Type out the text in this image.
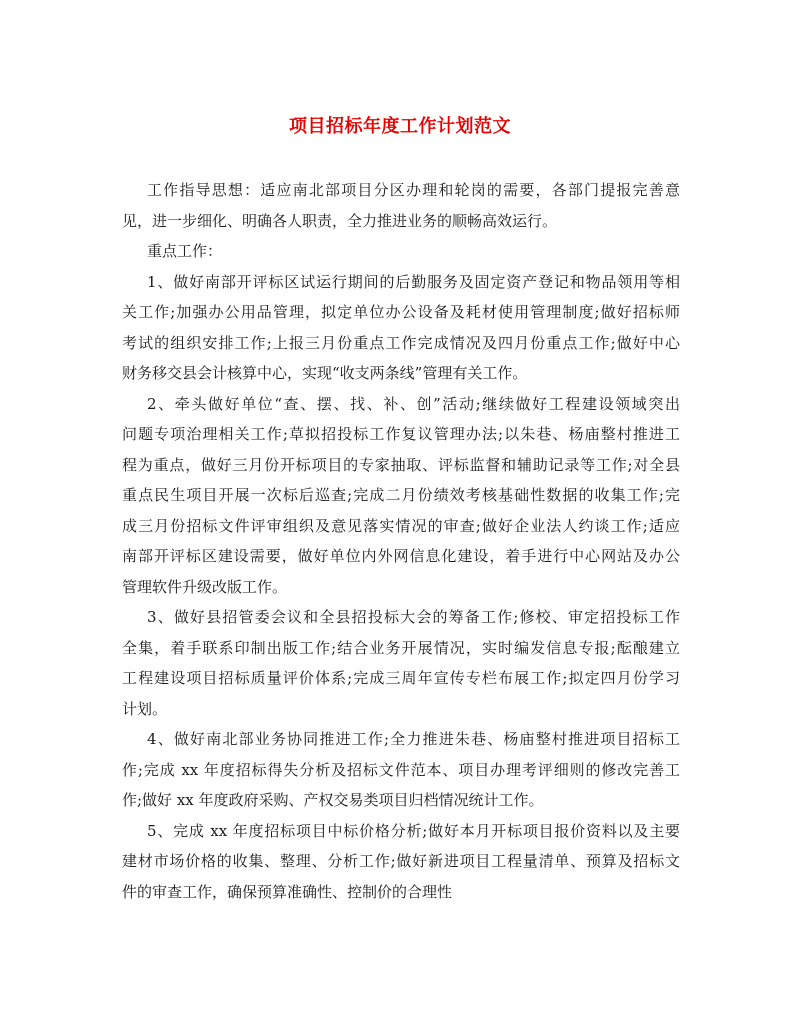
项目招标年度工作计划范文
工作指导思想：适应南北部项目分区办理和轮岗的需要，各部门提报完善意
见，进一步细化、明确各人职责，全力推进业务的顺畅高效运行。
重点工作：
1、做好南部开评标区试运行期间的后勤服务及固定资产登记和物品领用等相
关工作;加强办公用品管理，拟定单位办公设备及耗材使用管理制度;做好招标师
考试的组织安排工作;上报三月份重点工作完成情况及四月份重点工作;做好中心
财务移交县会计核算中心，实现“收支两条线”管理有关工作。
2、牵头做好单位“查、摆、找、补、创”活动;继续做好工程建设领域突出
问题专项治理相关工作;草拟招投标工作复议管理办法;以朱巷、杨庙整村推进工
程为重点，做好三月份开标项目的专家抽取、评标监督和辅助记录等工作;对全县
重点民生项目开展一次标后巡查;完成二月份绩效考核基础性数据的收集工作;完
成三月份招标文件评审组织及意见落实情况的审查;做好企业法人约谈工作;适应
南部开评标区建设需要，做好单位内外网信息化建设，着手进行中心网站及办公
管理软件升级改版工作。
3、做好县招管委会议和全县招投标大会的筹备工作;修校、审定招投标工作
全集，着手联系印制出版工作;结合业务开展情况，实时编发信息专报;酝酿建立
工程建设项目招标质量评价体系;完成三周年宣传专栏布展工作;拟定四月份学习
计划。
4、做好南北部业务协同推进工作;全力推进朱巷、杨庙整村推进项目招标工
作;完成 xx 年度招标得失分析及招标文件范本、项目办理考评细则的修改完善工
作;做好 xx 年度政府采购、产权交易类项目归档情况统计工作。
5、完成 xx 年度招标项目中标价格分析;做好本月开标项目报价资料以及主要
建材市场价格的收集、整理、分析工作;做好新进项目工程量清单、预算及招标文
件的审查工作，确保预算准确性、控制价的合理性
